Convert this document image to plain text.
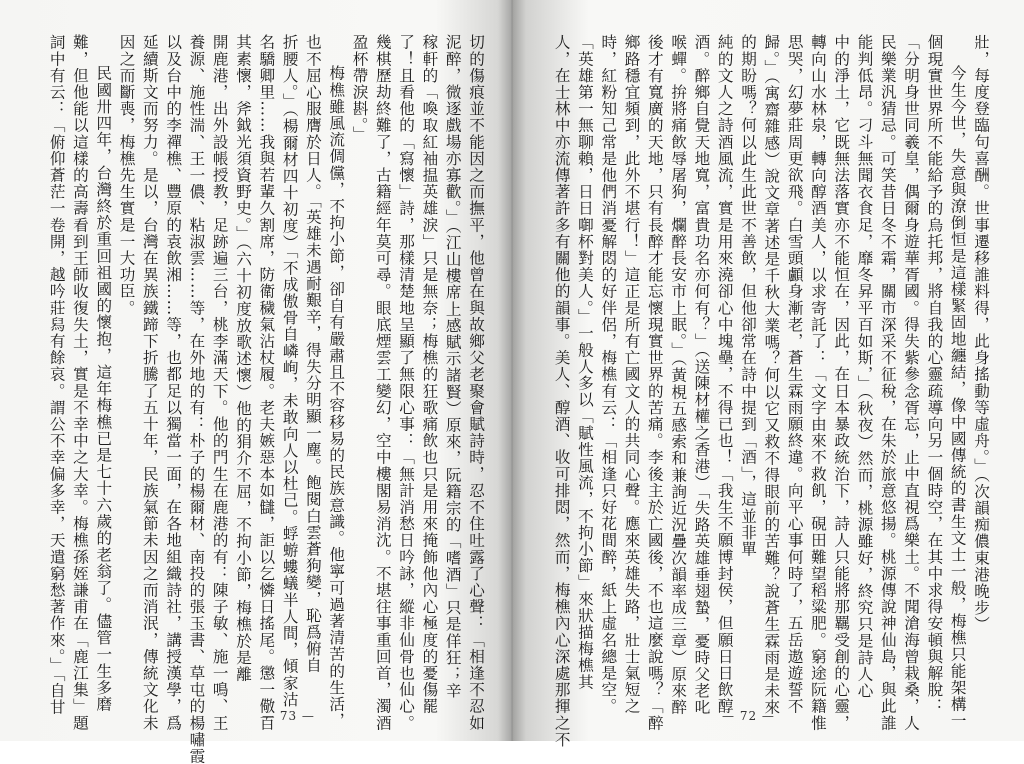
切的傷痕並不能因之而撫平，他曾在與故鄉父老聚會賦詩時，忍不住吐露了心聲：「相逢不忍如
泥醉，微逐戲場亦寡歡。」（江山樓席上感賦示諸賢）原來，阮籍宗的「嗜酒」只是佯狂；辛
稼軒的「喚取紅袖揾英雄淚」只是無奈；梅樵的狂歌痛飲也只是用來掩飾他內心極度的憂傷罷
了！且看他的「寫懷」詩，那樣清楚地呈顯了無限心事：「無計消愁日吟詠，縱非仙骨也仙心。
幾棋歷劫終難了，古籍經年莫可尋。眼底煙雲工變幻，空中樓閣易消沈。不堪往事重回首，濁酒
盈杯帶淚斟。」
梅樵雖風流倜儻，不拘小節，卻自有嚴肅且不容移易的民族意識。他寧可過著清苦的生活，
也不屈心服膺於日人。「英雄未遇耐艱辛，得失分明顯一塵。飽閱白雲蒼狗變，恥爲俯自
折腰人。」（楊爾材四十初度）「不成傲骨自嶙峋，未敢向人以杜己。蜉蝣螻蟻半人間，傾家沽
名驕卿里……我與若輩久割席，防衛穢氣沾杖履。老夫嫉惡本如讎，詎以乞憐日搖尾。懲一儆百
其素懷，斧鉞光須資野史。」（六十初度放歌述懷）他的狷介不屈，不拘小節，梅樵於是離
開鹿港，出外設帳授教，足跡遍三台，桃李滿天下。他的門生在鹿港的有：陳子敏、施一鳴、王
養源、施性湍、王一儂、粘淑雲……等，在外地的有：朴子的楊爾材、南投的張玉書、草屯的楊嘯霞
以及台中的李禪樵、豐原的袁飲湘……等，也都足以獨當一面，在各地組織詩社，講授漢學，爲
延續斯文而努力。是以，台灣在異族鐵蹄下折騰了五十年，民族氣節未因之而消泯，傳統文化未
因之而斷喪，梅樵先生實是一大功臣。
民國卅四年，台灣終於重回祖國的懷抱，這年梅樵已是七十六歲的老翁了。儘管一生多磨
難，但他能以這樣的高壽看到王師收復失土，實是不幸中之大幸。梅樵孫姪謙甫在「鹿江集」題
詞中有云：「俯仰蒼茫一卷開，越吟莊舄有餘哀。謂公不幸偏多幸，天遣窮愁著作來。」「自甘
— 73 —
壯，每度登臨句喜酬。世事遷移誰料得，此身搖動等虛舟。」（次韻痴儂東港晚步）
今生今世，失意與潦倒恒是這樣緊固地纏結，像中國傳統的書生文士一般，梅樵只能架構一
個現實世界所不能給予的烏托邦，將自我的心靈疏導向另一個時空，在其中求得安頓與解脫：
「分明身世同羲皇，偶爾身遊華胥國。得失紫參念胥忘，止中直視爲樂土。不聞滄海曾栽桑，人
民樂業汎猜忌。可笑昔日冬不霜，關市深采不征稅，在朱於旅意悠揚。桃源傳說神仙島，與此誰
能判低昂。刁斗無聞衣食足，靡冬昇平百如斯，」（秋夜）然而，桃源雖好，終究只是詩人心
中的淨土，它既無法落實亦不能恒在，因此，在日本暴政統治下，詩人只能將那羈受創的心靈，
轉向山水林泉，轉向醇酒美人，以求寄託了：「文字由來不救飢，硯田難望稻粱肥。窮途阮籍惟
思哭，幻夢莊周更欲飛。白雪頭顱身漸老，蒼生霖雨願終違。向平心事何時了，五岳遨遊誓不
歸。」（寓齋雜感）說文章著述是千秋大業嗎？何以它又救不得眼前的苦難？說蒼生霖雨是未來
的期盼嗎？何以此生此世不善飲，但他卻常在詩中提到「酒」，這並非單
純的文人之詩酒風流，實是用來澆卻心中塊壘，不得已也！「我生不願博封侯，但願日日飲醇
酒。醉鄉自覺天地寬，富貴功名亦何有？」（送陳材權之香港）「失路英雄垂翅蟄，憂時父老叱
喉蟬。拚將痛飲辱屠狗，爛醉長安市上眠。」（黃梘五感索和兼詢近況疊次韻率成三章）原來醉
後才有寬廣的天地，只有長醉才能忘懷現實世界的苦痛。李後主於亡國後，不也這麼說嗎？「醉
鄉路穩宜頻到，此外不堪行！」這正是所有亡國文人的共同心聲。應來英雄失路，壯士氣短之
時，紅粉知己常是他們消憂解悶的好伴侶，梅樵有云：「相逢只好花間醉，紙上虛名總是空。
「英雄第一無聊賴，日日啣杯對美人。」一般人多以「賦性風流，不拘小節」來狀描梅樵其
人，在士林中亦流傳著許多有關他的韻事。美人、醇酒、收可排悶，然而，梅樵內心深處那揮之不	— 72 —
